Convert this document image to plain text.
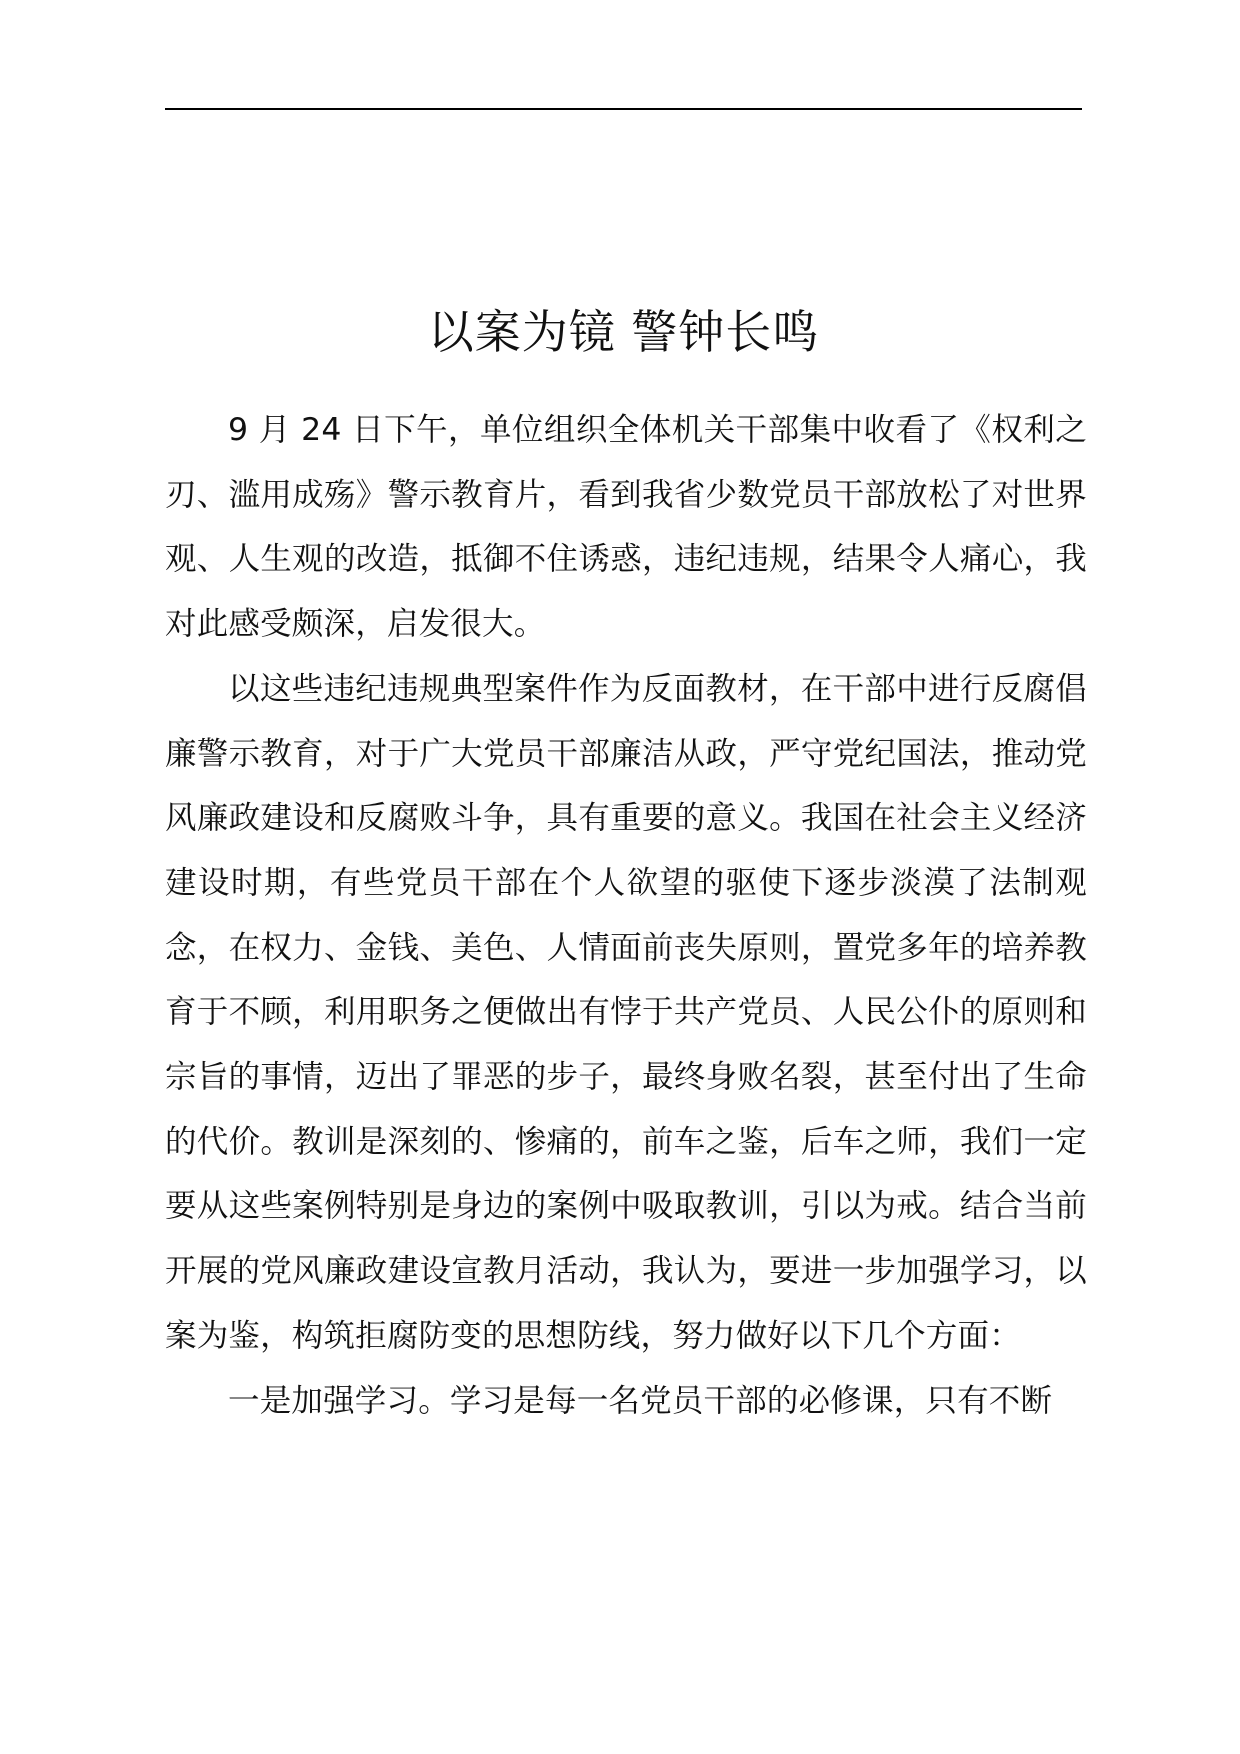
以案为镜 警钟长鸣

9 月 24 日下午，单位组织全体机关干部集中收看了《权利之刃、滥用成殇》警示教育片，看到我省少数党员干部放松了对世界观、人生观的改造，抵御不住诱惑，违纪违规，结果令人痛心，我对此感受颇深，启发很大。

以这些违纪违规典型案件作为反面教材，在干部中进行反腐倡廉警示教育，对于广大党员干部廉洁从政，严守党纪国法，推动党风廉政建设和反腐败斗争，具有重要的意义。我国在社会主义经济建设时期，有些党员干部在个人欲望的驱使下逐步淡漠了法制观念，在权力、金钱、美色、人情面前丧失原则，置党多年的培养教育于不顾，利用职务之便做出有悖于共产党员、人民公仆的原则和宗旨的事情，迈出了罪恶的步子，最终身败名裂，甚至付出了生命的代价。教训是深刻的、惨痛的，前车之鉴，后车之师，我们一定要从这些案例特别是身边的案例中吸取教训，引以为戒。结合当前开展的党风廉政建设宣教月活动，我认为，要进一步加强学习，以案为鉴，构筑拒腐防变的思想防线，努力做好以下几个方面：

一是加强学习。学习是每一名党员干部的必修课，只有不断
